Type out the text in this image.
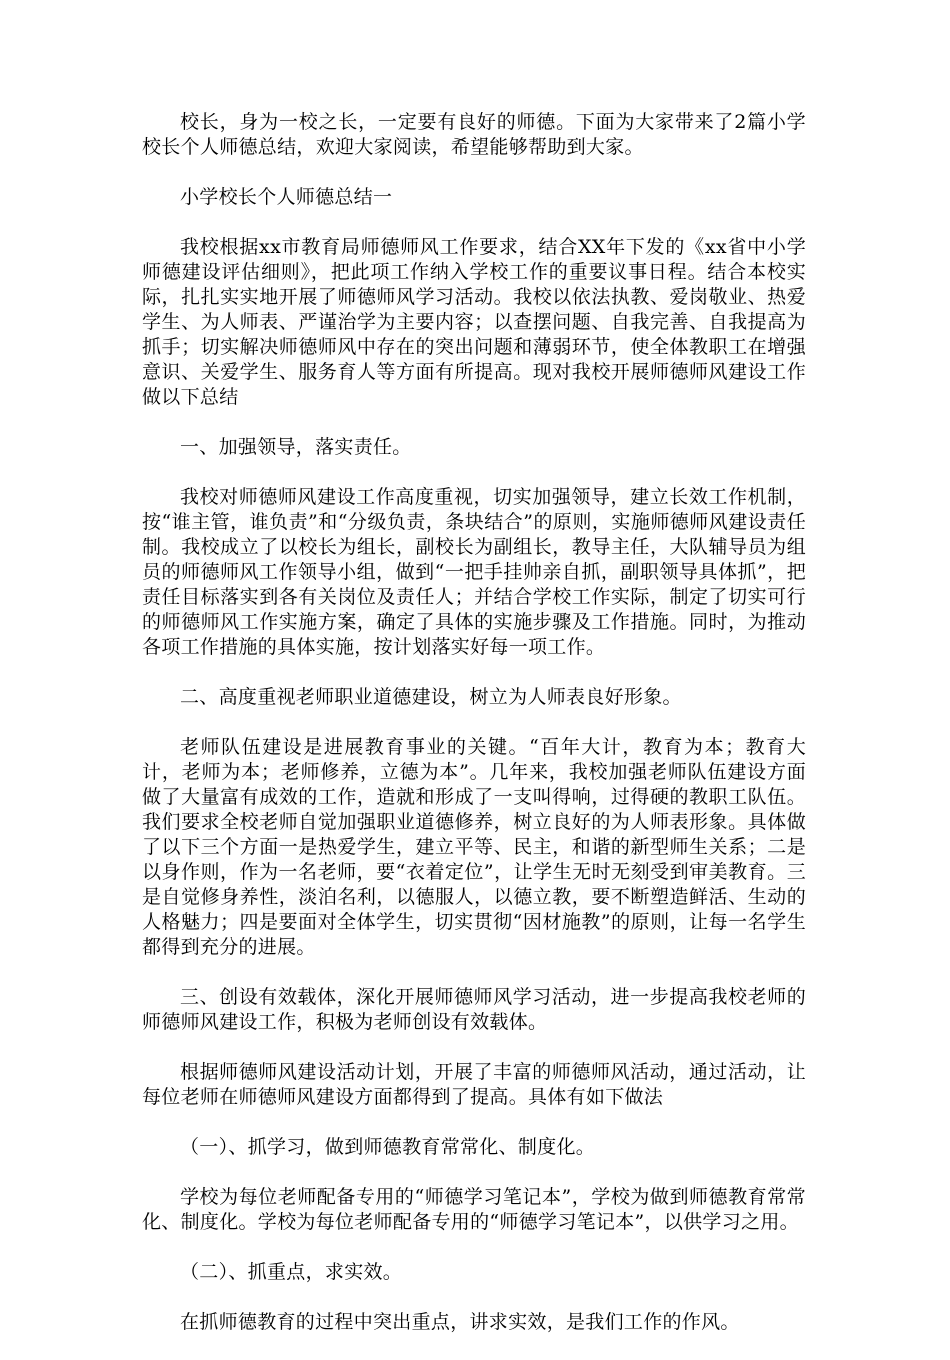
校长，身为一校之长，一定要有良好的师德。下面为大家带来了2篇小学校长个人师德总结，欢迎大家阅读，希望能够帮助到大家。

小学校长个人师德总结一

我校根据xx市教育局师德师风工作要求，结合XX年下发的《xx省中小学师德建设评估细则》，把此项工作纳入学校工作的重要议事日程。结合本校实际，扎扎实实地开展了师德师风学习活动。我校以依法执教、爱岗敬业、热爱学生、为人师表、严谨治学为主要内容；以查摆问题、自我完善、自我提高为抓手；切实解决师德师风中存在的突出问题和薄弱环节，使全体教职工在增强意识、关爱学生、服务育人等方面有所提高。现对我校开展师德师风建设工作做以下总结

一、加强领导，落实责任。

我校对师德师风建设工作高度重视，切实加强领导，建立长效工作机制，按“谁主管，谁负责”和“分级负责，条块结合”的原则，实施师德师风建设责任制。我校成立了以校长为组长，副校长为副组长，教导主任，大队辅导员为组员的师德师风工作领导小组，做到“一把手挂帅亲自抓，副职领导具体抓”，把责任目标落实到各有关岗位及责任人；并结合学校工作实际，制定了切实可行的师德师风工作实施方案，确定了具体的实施步骤及工作措施。同时，为推动各项工作措施的具体实施，按计划落实好每一项工作。

二、高度重视老师职业道德建设，树立为人师表良好形象。

老师队伍建设是进展教育事业的关键。“百年大计，教育为本；教育大计，老师为本；老师修养，立德为本”。几年来，我校加强老师队伍建设方面做了大量富有成效的工作，造就和形成了一支叫得响，过得硬的教职工队伍。我们要求全校老师自觉加强职业道德修养，树立良好的为人师表形象。具体做了以下三个方面一是热爱学生，建立平等、民主，和谐的新型师生关系；二是以身作则，作为一名老师，要“衣着定位”，让学生无时无刻受到审美教育。三是自觉修身养性，淡泊名利，以德服人，以德立教，要不断塑造鲜活、生动的人格魅力；四是要面对全体学生，切实贯彻“因材施教”的原则，让每一名学生都得到充分的进展。

三、创设有效载体，深化开展师德师风学习活动，进一步提高我校老师的师德师风建设工作，积极为老师创设有效载体。

根据师德师风建设活动计划，开展了丰富的师德师风活动，通过活动，让每位老师在师德师风建设方面都得到了提高。具体有如下做法

（一）、抓学习，做到师德教育常常化、制度化。

学校为每位老师配备专用的“师德学习笔记本”，学校为做到师德教育常常化、制度化。学校为每位老师配备专用的“师德学习笔记本”，以供学习之用。

（二）、抓重点，求实效。

在抓师德教育的过程中突出重点，讲求实效，是我们工作的作风。
